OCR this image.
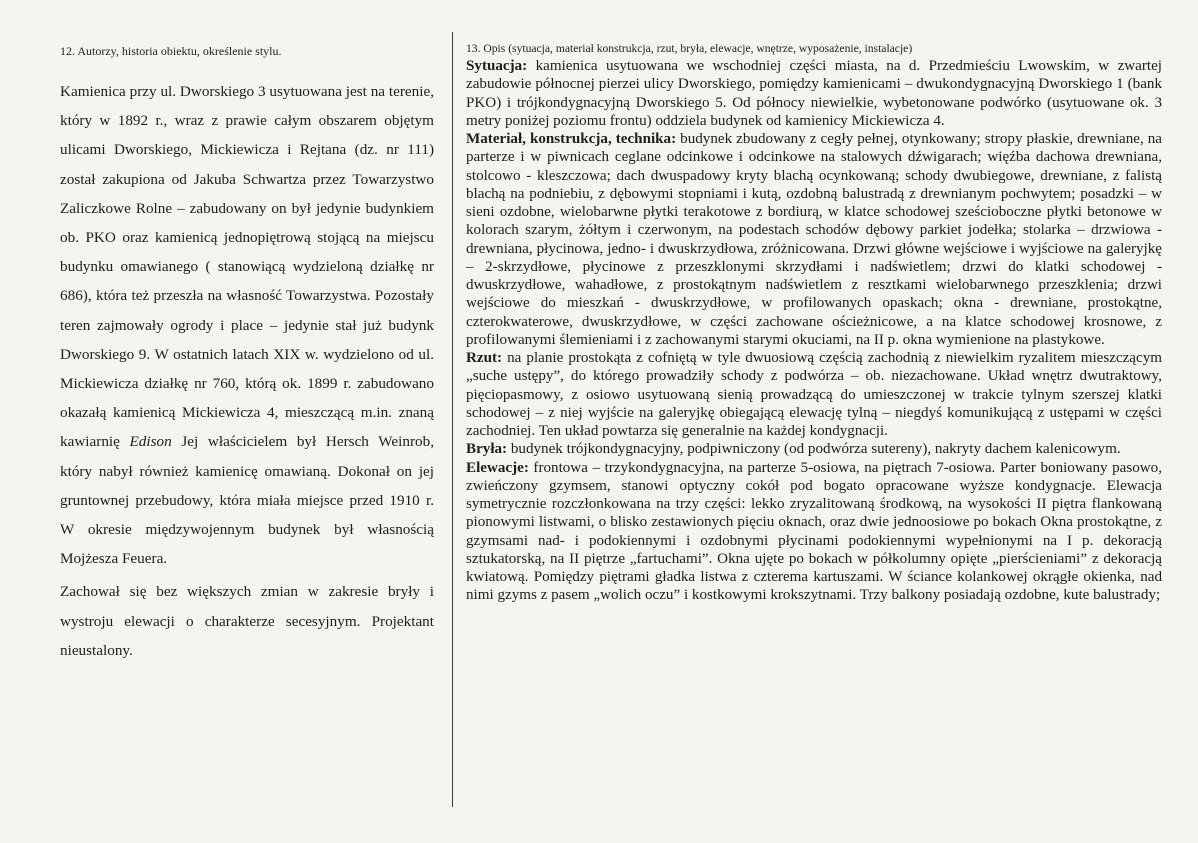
12. Autorzy, historia obiektu, określenie stylu.

Kamienica przy ul. Dworskiego 3 usytuowana jest na terenie, który w 1892 r., wraz z prawie całym obszarem objętym ulicami Dworskiego, Mickiewicza i Rejtana (dz. nr 111) został zakupiona od Jakuba Schwartza przez Towarzystwo Zaliczkowe Rolne – zabudowany on był jedynie budynkiem ob. PKO oraz kamienicą jednopiętrową stojącą na miejscu budynku omawianego ( stanowiącą wydzieloną działkę nr 686), która też przeszła na własność Towarzystwa. Pozostały teren zajmowały ogrody i place – jedynie stał już budynk Dworskiego 9. W ostatnich latach XIX w. wydzielono od ul. Mickiewicza działkę nr 760, którą ok. 1899 r. zabudowano okazałą kamienicą Mickiewicza 4, mieszczącą m.in. znaną kawiarnię Edison Jej właścicielem był Hersch Weinrob, który nabył również kamienicę omawianą. Dokonał on jej gruntownej przebudowy, która miała miejsce przed 1910 r. W okresie międzywojennym budynek był własnością Mojżesza Feuera.

Zachował się bez większych zmian w zakresie bryły i wystroju elewacji o charakterze secesyjnym. Projektant nieustalony.

13. Opis (sytuacja, materiał konstrukcja, rzut, bryła, elewacje, wnętrze, wyposażenie, instalacje)

Sytuacja: kamienica usytuowana we wschodniej części miasta, na d. Przedmieściu Lwowskim, w zwartej zabudowie północnej pierzei ulicy Dworskiego, pomiędzy kamienicami – dwukondygnacyjną Dworskiego 1 (bank PKO) i trójkondygnacyjną Dworskiego 5. Od północy niewielkie, wybetonowane podwórko (usytuowane ok. 3 metry poniżej poziomu frontu) oddziela budynek od kamienicy Mickiewicza 4.

Materiał, konstrukcja, technika: budynek zbudowany z cegły pełnej, otynkowany; stropy płaskie, drewniane, na parterze i w piwnicach ceglane odcinkowe i odcinkowe na stalowych dźwigarach; więźba dachowa drewniana, stolcowo - kleszczowa; dach dwuspadowy kryty blachą ocynkowaną; schody dwubiegowe, drewniane, z falistą blachą na podniebiu, z dębowymi stopniami i kutą, ozdobną balustradą z drewnianym pochwytem; posadzki – w sieni ozdobne, wielobarwne płytki terakotowe z bordiurą, w klatce schodowej sześcioboczne płytki betonowe w kolorach szarym, żółtym i czerwonym, na podestach schodów dębowy parkiet jodełka; stolarka – drzwiowa - drewniana, płycinowa, jedno- i dwuskrzydłowa, zróżnicowana. Drzwi główne wejściowe i wyjściowe na galeryjkę – 2-skrzydłowe, płycinowe z przeszklonymi skrzydłami i nadświetlem; drzwi do klatki schodowej - dwuskrzydłowe, wahadłowe, z prostokątnym nadświetlem z resztkami wielobarwnego przeszklenia; drzwi wejściowe do mieszkań - dwuskrzydłowe, w profilowanych opaskach; okna - drewniane, prostokątne, czterokwaterowe, dwuskrzydłowe, w części zachowane ościeżnicowe, a na klatce schodowej krosnowe, z profilowanymi ślemieniami i z zachowanymi starymi okuciami, na II p. okna wymienione na plastykowe.

Rzut: na planie prostokąta z cofniętą w tyle dwuosiową częścią zachodnią z niewielkim ryzalitem mieszczącym „suche ustępy”, do którego prowadziły schody z podwórza – ob. niezachowane. Układ wnętrz dwutraktowy, pięciopasmowy, z osiowo usytuowaną sienią prowadzącą do umieszczonej w trakcie tylnym szerszej klatki schodowej – z niej wyjście na galeryjkę obiegającą elewację tylną – niegdyś komunikującą z ustępami w części zachodniej. Ten układ powtarza się generalnie na każdej kondygnacji.

Bryła: budynek trójkondygnacyjny, podpiwniczony (od podwórza sutereny), nakryty dachem kalenicowym.

Elewacje: frontowa – trzykondygnacyjna, na parterze 5-osiowa, na piętrach 7-osiowa. Parter boniowany pasowo, zwieńczony gzymsem, stanowi optyczny cokół pod bogato opracowane wyższe kondygnacje. Elewacja symetrycznie rozczłonkowana na trzy części: lekko zryzalitowaną środkową, na wysokości II piętra flankowaną pionowymi listwami, o blisko zestawionych pięciu oknach, oraz dwie jednoosiowe po bokach Okna prostokątne, z gzymsami nad- i podokiennymi i ozdobnymi płycinami podokiennymi wypełnionymi na I p. dekoracją sztukatorską, na II piętrze „fartuchami”. Okna ujęte po bokach w półkolumny opięte „pierścieniami” z dekoracją kwiatową. Pomiędzy piętrami gładka listwa z czterema kartuszami. W ściance kolankowej okrągłe okienka, nad nimi gzyms z pasem „wolich oczu” i kostkowymi krokszytnami. Trzy balkony posiadają ozdobne, kute balustrady;
